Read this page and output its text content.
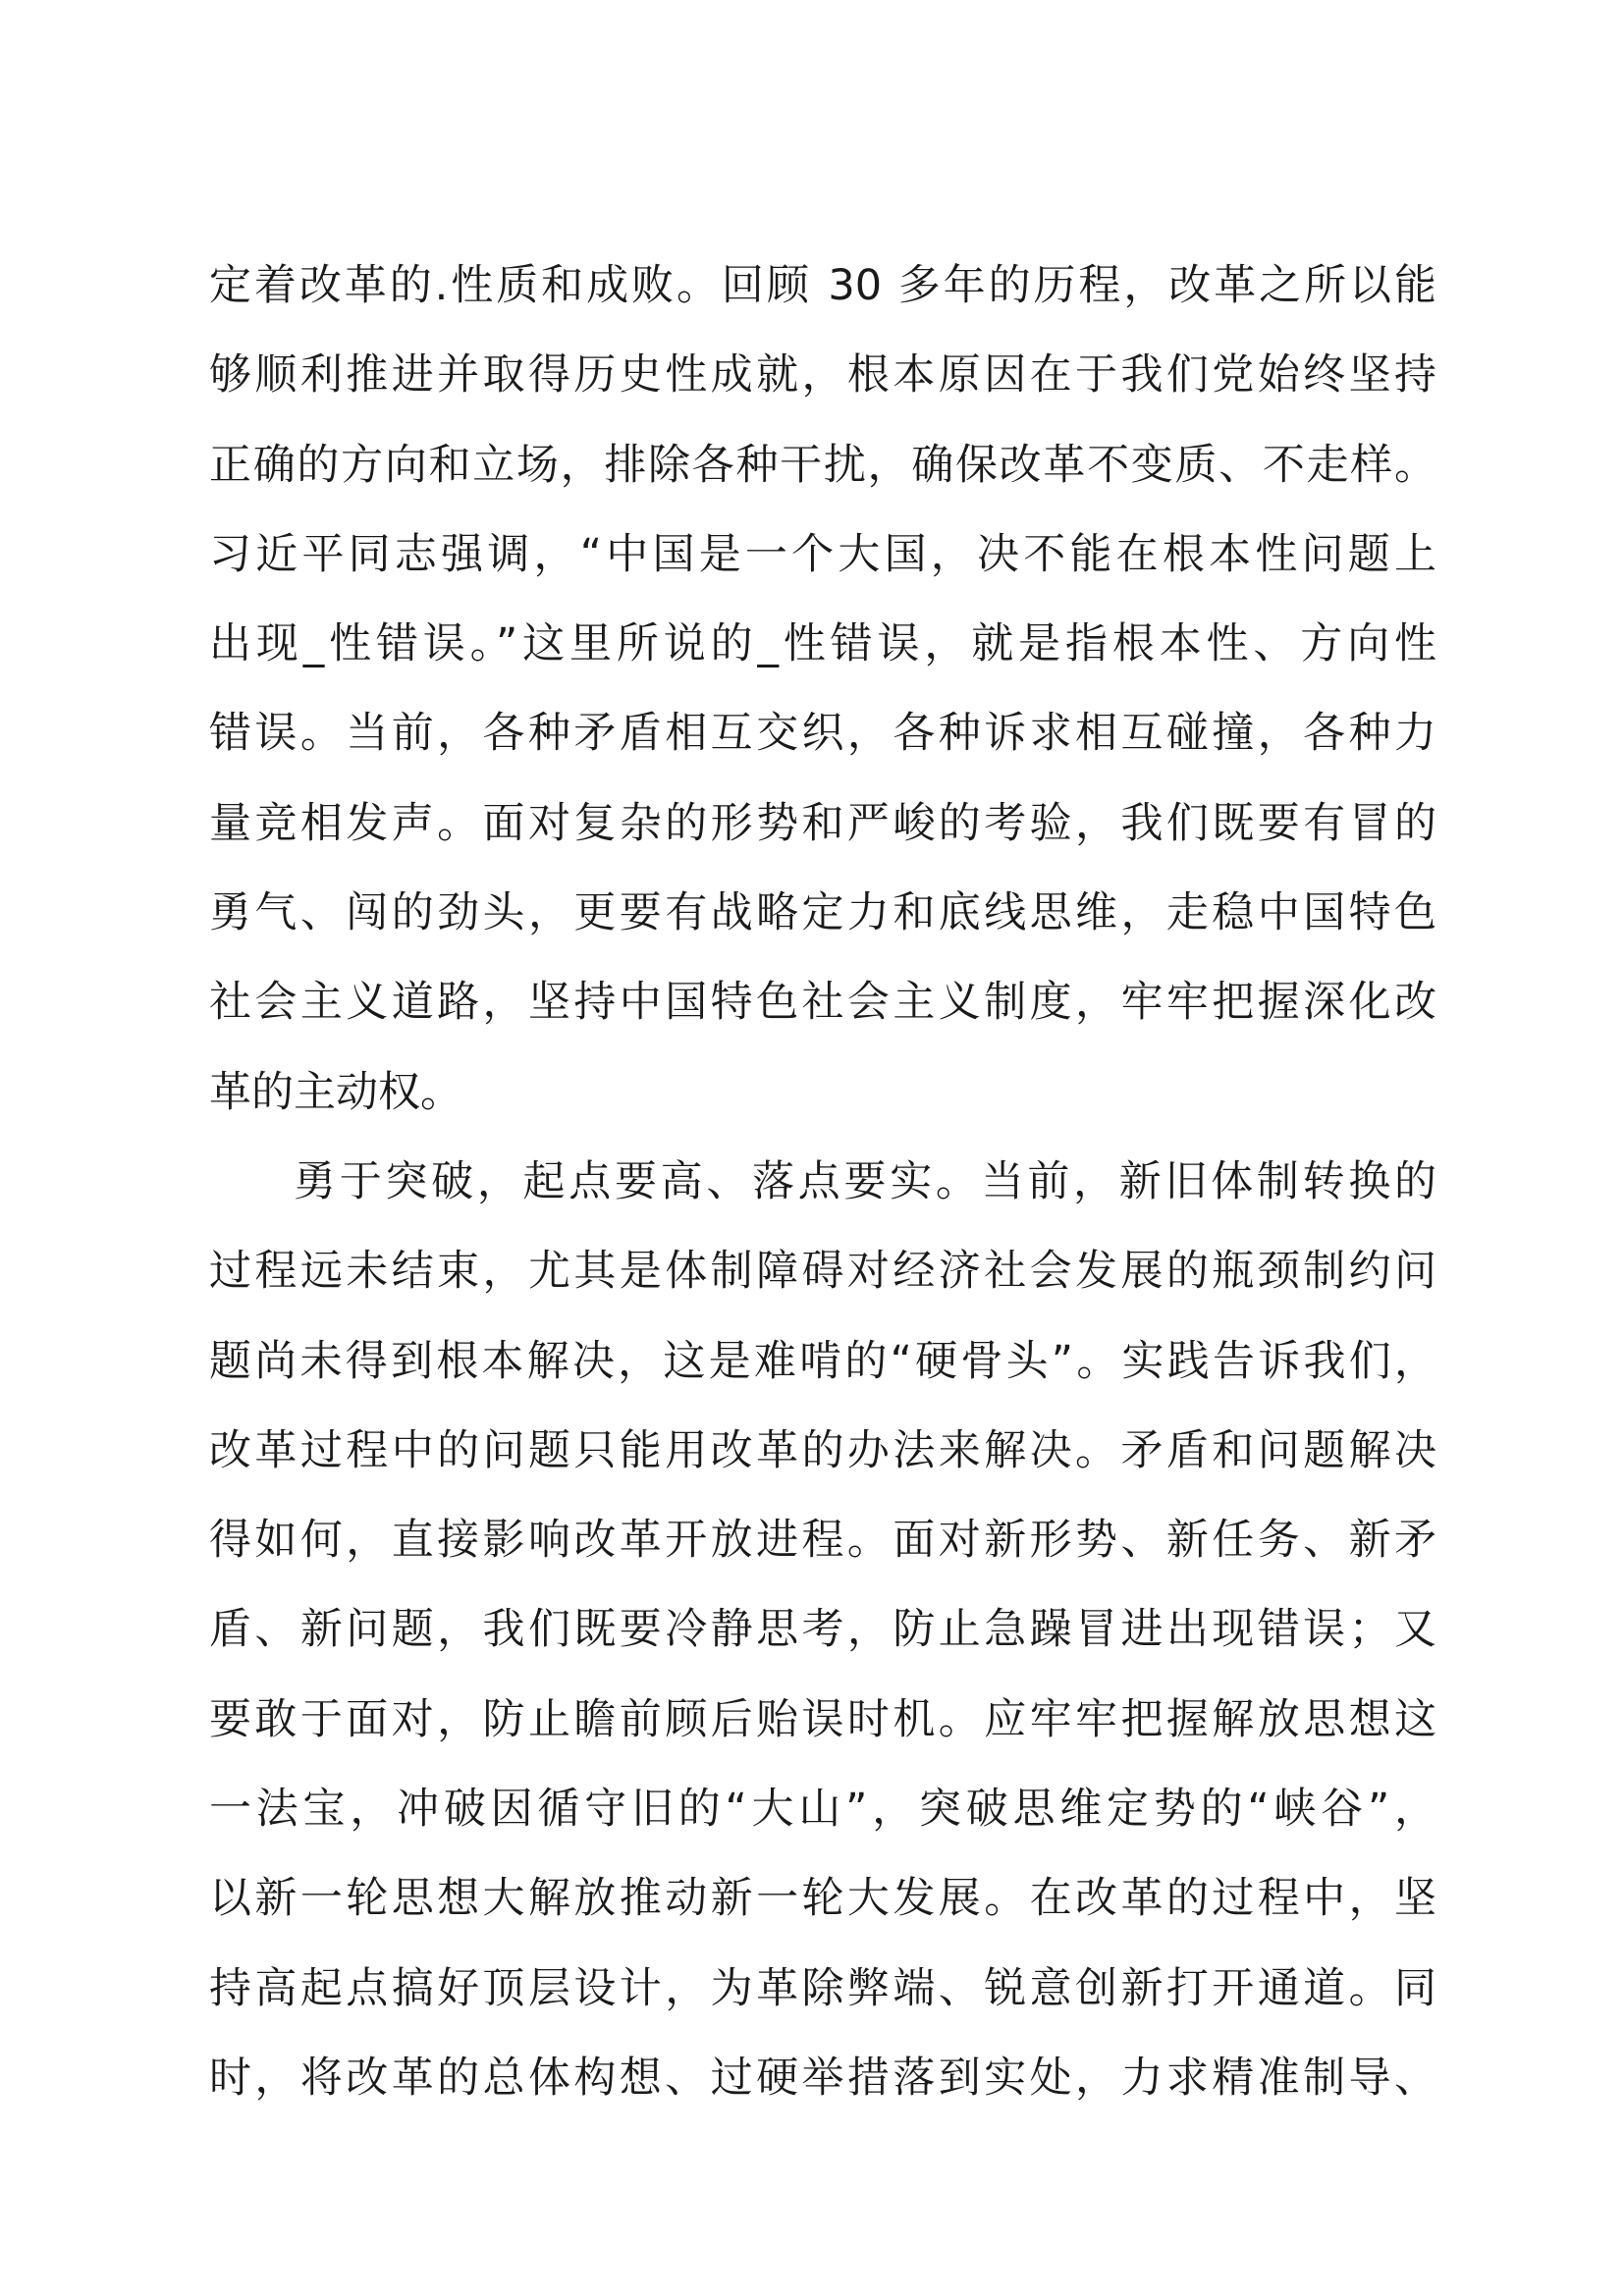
定着改革的.性质和成败。回顾 30 多年的历程，改革之所以能
够顺利推进并取得历史性成就，根本原因在于我们党始终坚持
正确的方向和立场，排除各种干扰，确保改革不变质、不走样。
习近平同志强调，“中国是一个大国，决不能在根本性问题上
出现_性错误。”这里所说的_性错误，就是指根本性、方向性
错误。当前，各种矛盾相互交织，各种诉求相互碰撞，各种力
量竞相发声。面对复杂的形势和严峻的考验，我们既要有冒的
勇气、闯的劲头，更要有战略定力和底线思维，走稳中国特色
社会主义道路，坚持中国特色社会主义制度，牢牢把握深化改
革的主动权。
勇于突破，起点要高、落点要实。当前，新旧体制转换的
过程远未结束，尤其是体制障碍对经济社会发展的瓶颈制约问
题尚未得到根本解决，这是难啃的“硬骨头”。实践告诉我们，
改革过程中的问题只能用改革的办法来解决。矛盾和问题解决
得如何，直接影响改革开放进程。面对新形势、新任务、新矛
盾、新问题，我们既要冷静思考，防止急躁冒进出现错误；又
要敢于面对，防止瞻前顾后贻误时机。应牢牢把握解放思想这
一法宝，冲破因循守旧的“大山”，突破思维定势的“峡谷”，
以新一轮思想大解放推动新一轮大发展。在改革的过程中，坚
持高起点搞好顶层设计，为革除弊端、锐意创新打开通道。同
时，将改革的总体构想、过硬举措落到实处，力求精准制导、
